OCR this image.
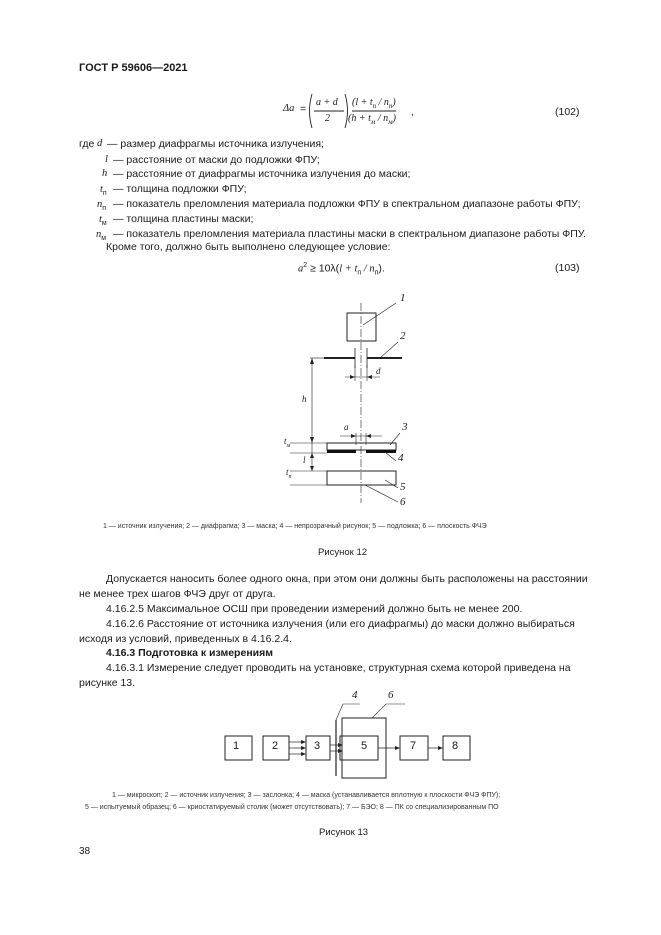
ГОСТ Р 59606—2021
Δa =
a + d
2
$(l + t_п / n_п)$
$(h + t_м / n_м)$
,	(102)
где d — размер диафрагмы источника излучения;
l — расстояние от маски до подложки ФПУ;
h — расстояние от диафрагмы источника излучения до маски;
$t_п$ — толщина подложки ФПУ;
$n_п$ — показатель преломления материала подложки ФПУ в спектральном диапазоне работы ФПУ;
$t_м$ — толщина пластины маски;
$n_м$ — показатель преломления материала пластины маски в спектральном диапазоне работы ФПУ.
Кроме того, должно быть выполнено следующее условие:
$a^2 \ge 10\lambda(l + t_п / n_п)$.	(103)
1
2
3
4
5
6
d
h
a
l
$t_м$
$t_п$
1 — источник излучения; 2 — диафрагма; 3 — маска; 4 — непрозрачный рисунок; 5 — подложка; 6 — плоскость ФЧЭ
Рисунок 12
Допускается наносить более одного окна, при этом они должны быть расположены на расстоянии
не менее трех шагов ФЧЭ друг от друга.
4.16.2.5 Максимальное ОСШ при проведении измерений должно быть не менее 200.
4.16.2.6 Расстояние от источника излучения (или его диафрагмы) до маски должно выбираться
исходя из условий, приведенных в 4.16.2.4.
4.16.3 Подготовка к измерениям
4.16.3.1 Измерение следует проводить на установке, структурная схема которой приведена на
рисунке 13.
1	2	3	5	7	8
4	6
1 — микроскоп; 2 — источник излучения; 3 — заслонка; 4 — маска (устанавливается вплотную к плоскости ФЧЭ ФПУ);
5 — испытуемый образец; 6 — криостатируемый столик (может отсутствовать); 7 — БЭО; 8 — ПК со специализированным ПО
Рисунок 13
38
